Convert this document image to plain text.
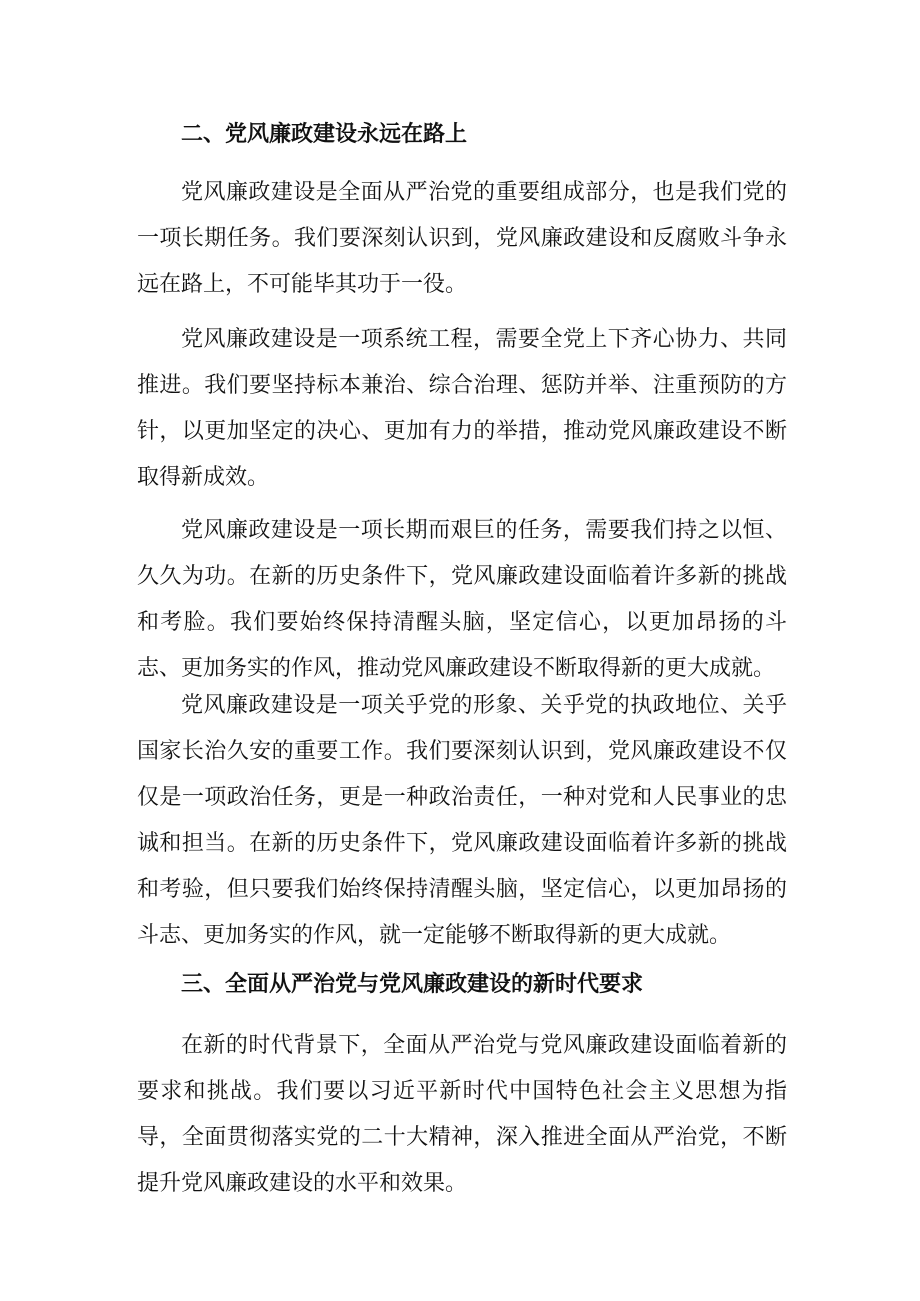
二、党风廉政建设永远在路上

党风廉政建设是全面从严治党的重要组成部分，也是我们党的一项长期任务。我们要深刻认识到，党风廉政建设和反腐败斗争永远在路上，不可能毕其功于一役。

党风廉政建设是一项系统工程，需要全党上下齐心协力、共同推进。我们要坚持标本兼治、综合治理、惩防并举、注重预防的方针，以更加坚定的决心、更加有力的举措，推动党风廉政建设不断取得新成效。

党风廉政建设是一项长期而艰巨的任务，需要我们持之以恒、久久为功。在新的历史条件下，党风廉政建设面临着许多新的挑战和考脸。我们要始终保持清醒头脑，坚定信心，以更加昂扬的斗志、更加务实的作风，推动党风廉政建设不断取得新的更大成就。

党风廉政建设是一项关乎党的形象、关乎党的执政地位、关乎国家长治久安的重要工作。我们要深刻认识到，党风廉政建设不仅仅是一项政治任务，更是一种政治责任，一种对党和人民事业的忠诚和担当。在新的历史条件下，党风廉政建设面临着许多新的挑战和考验，但只要我们始终保持清醒头脑，坚定信心，以更加昂扬的斗志、更加务实的作风，就一定能够不断取得新的更大成就。

三、全面从严治党与党风廉政建设的新时代要求

在新的时代背景下，全面从严治党与党风廉政建设面临着新的要求和挑战。我们要以习近平新时代中国特色社会主义思想为指导，全面贯彻落实党的二十大精神，深入推进全面从严治党，不断提升党风廉政建设的水平和效果。
